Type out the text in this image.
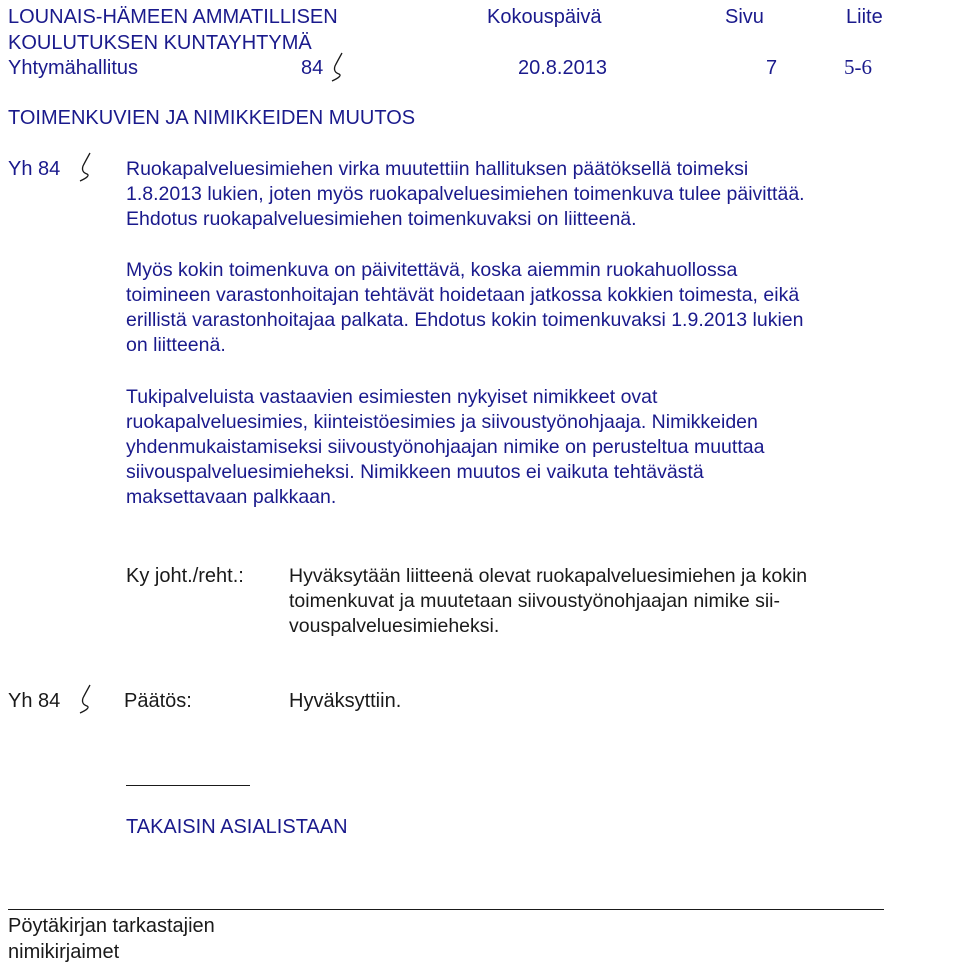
LOUNAIS-HÄMEEN AMMATILLISEN
KOULUTUKSEN KUNTAYHTYMÄ
Yhtymähallitus	84
Kokouspäivä
20.8.2013
Sivu
7
Liite
5-6
TOIMENKUVIEN JA NIMIKKEIDEN MUUTOS
Yh 84	Ruokapalveluesimiehen virka muutettiin hallituksen päätöksellä toimeksi

1.8.2013 lukien, joten myös ruokapalveluesimiehen toimenkuva tulee päivittää.

Ehdotus ruokapalveluesimiehen toimenkuvaksi on liitteenä.

Myös kokin toimenkuva on päivitettävä, koska aiemmin ruokahuollossa

toimineen varastonhoitajan tehtävät hoidetaan jatkossa kokkien toimesta, eikä

erillistä varastonhoitajaa palkata. Ehdotus kokin toimenkuvaksi 1.9.2013 lukien

on liitteenä.

Tukipalveluista vastaavien esimiesten nykyiset nimikkeet ovat

ruokapalveluesimies, kiinteistöesimies ja siivoustyönohjaaja. Nimikkeiden

yhdenmukaistamiseksi siivoustyönohjaajan nimike on perusteltua muuttaa

siivouspalveluesimieheksi. Nimikkeen muutos ei vaikuta tehtävästä

maksettavaan palkkaan.

Ky joht./reht.: Hyväksytään liitteenä olevat ruokapalveluesimiehen ja kokin

toimenkuvat ja muutetaan siivoustyönohjaajan nimike sii-

vouspalveluesimieheksi.

Yh 84	Päätös:	Hyväksyttiin.
TAKAISIN ASIALISTAAN
Pöytäkirjan tarkastajien
nimikirjaimet
